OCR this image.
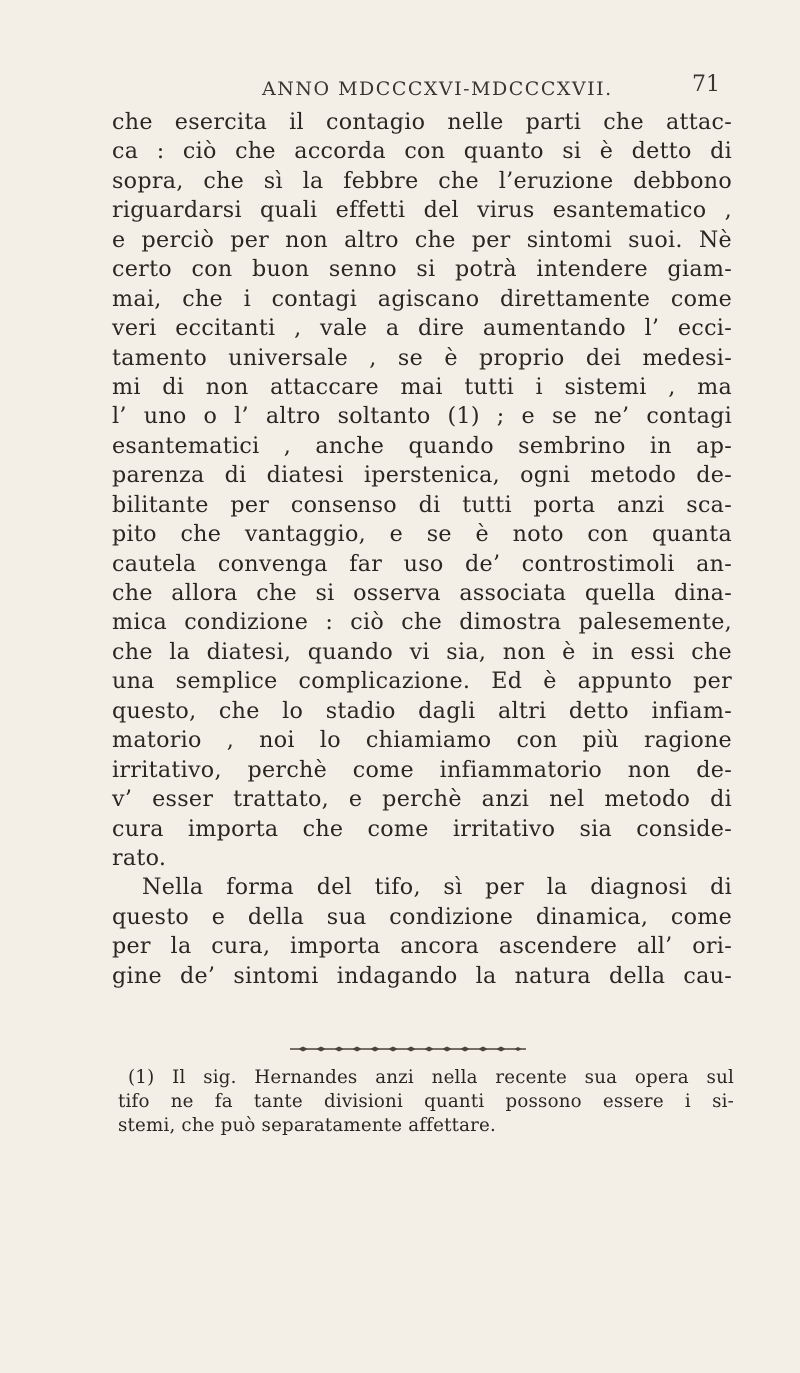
ANNO MDCCCXVI-MDCCCXVII.	71
che esercita il contagio nelle parti che attac-
ca : ciò che accorda con quanto si è detto di
sopra, che sì la febbre che l’eruzione debbono
riguardarsi quali effetti del virus esantematico ,
e perciò per non altro che per sintomi suoi. Nè
certo con buon senno si potrà intendere giam-
mai, che i contagi agiscano direttamente come
veri eccitanti , vale a dire aumentando l’ ecci-
tamento universale , se è proprio dei medesi-
mi di non attaccare mai tutti i sistemi , ma
l’ uno o l’ altro soltanto (1) ; e se ne’ contagi
esantematici , anche quando sembrino in ap-
parenza di diatesi iperstenica, ogni metodo de-
bilitante per consenso di tutti porta anzi sca-
pito che vantaggio, e se è noto con quanta
cautela convenga far uso de’ controstimoli an-
che allora che si osserva associata quella dina-
mica condizione : ciò che dimostra palesemente,
che la diatesi, quando vi sia, non è in essi che
una semplice complicazione. Ed è appunto per
questo, che lo stadio dagli altri detto infiam-
matorio , noi lo chiamiamo con più ragione
irritativo, perchè come infiammatorio non de-
v’ esser trattato, e perchè anzi nel metodo di
cura importa che come irritativo sia conside-
rato.
Nella forma del tifo, sì per la diagnosi di
questo e della sua condizione dinamica, come
per la cura, importa ancora ascendere all’ ori-
gine de’ sintomi indagando la natura della cau-
(1) Il sig. Hernandes anzi nella recente sua opera sul
tifo ne fa tante divisioni quanti possono essere i si-
stemi, che può separatamente affettare.
